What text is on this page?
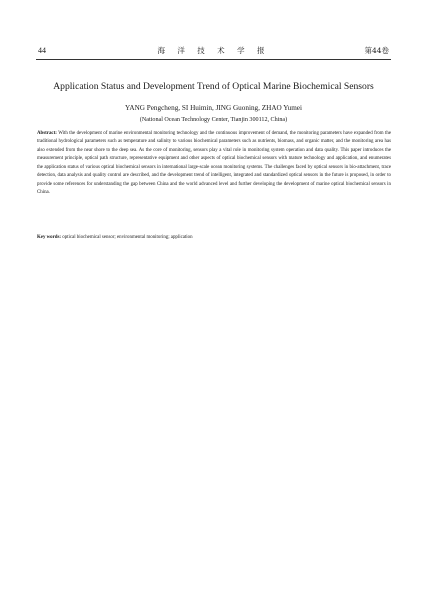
44	海 洋 技 术 学 报	第44卷
Application Status and Development Trend of Optical Marine Biochemical Sensors
YANG Pengcheng, SI Huimin, JING Guoning, ZHAO Yumei
(National Ocean Technology Center, Tianjin 300112, China)

Abstract: With the development of marine environmental monitoring technology and the continuous improvement of demand, the monitoring parameters have expanded from the traditional hydrological parameters such as temperature and salinity to various biochemical parameters such as nutrients, biomass, and organic matter, and the monitoring area has also extended from the near shore to the deep sea. As the core of monitoring, sensors play a vital role in monitoring system operation and data quality. This paper introduces the measurement principle, optical path structure, representative equipment and other aspects of optical biochemical sensors with mature technology and application, and enumerates the application status of various optical biochemical sensors in international large-scale ocean monitoring systems. The challenges faced by optical sensors in bio-attachment, trace detection, data analysis and quality control are described, and the development trend of intelligent, integrated and standardized optical sensors in the future is proposed, in order to provide some references for understanding the gap between China and the world advanced level and further developing the development of marine optical biochemical sensors in China.

Key words: optical biochemical sensor; environmental monitoring; application
